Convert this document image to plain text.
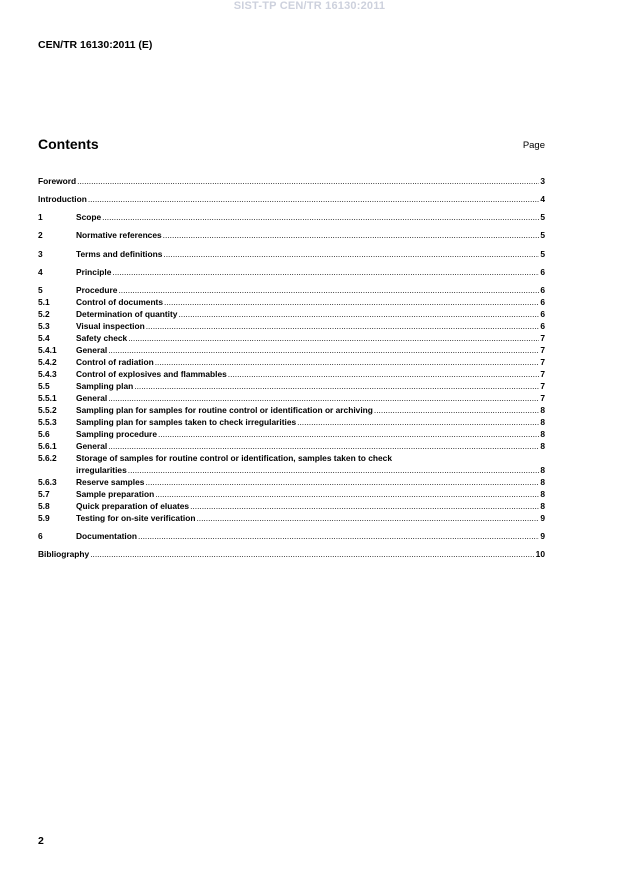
SIST-TP CEN/TR 16130:2011
CEN/TR 16130:2011 (E)
Contents	Page
Foreword .....	3
Introduction .....	4
1	Scope .....	5
2	Normative references .....	5
3	Terms and definitions .....	5
4	Principle .....	6
5	Procedure .....	6
5.1	Control of documents .....	6
5.2	Determination of quantity .....	6
5.3	Visual inspection .....	6
5.4	Safety check .....	7
5.4.1	General .....	7
5.4.2	Control of radiation .....	7
5.4.3	Control of explosives and flammables .....	7
5.5	Sampling plan .....	7
5.5.1	General .....	7
5.5.2	Sampling plan for samples for routine control or identification or archiving .....	8
5.5.3	Sampling plan for samples taken to check irregularities .....	8
5.6	Sampling procedure .....	8
5.6.1	General .....	8
5.6.2	Storage of samples for routine control or identification, samples taken to check
irregularities .....	8
5.6.3	Reserve samples .....	8
5.7	Sample preparation .....	8
5.8	Quick preparation of eluates .....	8
5.9	Testing for on-site verification .....	9
6	Documentation .....	9
Bibliography .....	10
2
